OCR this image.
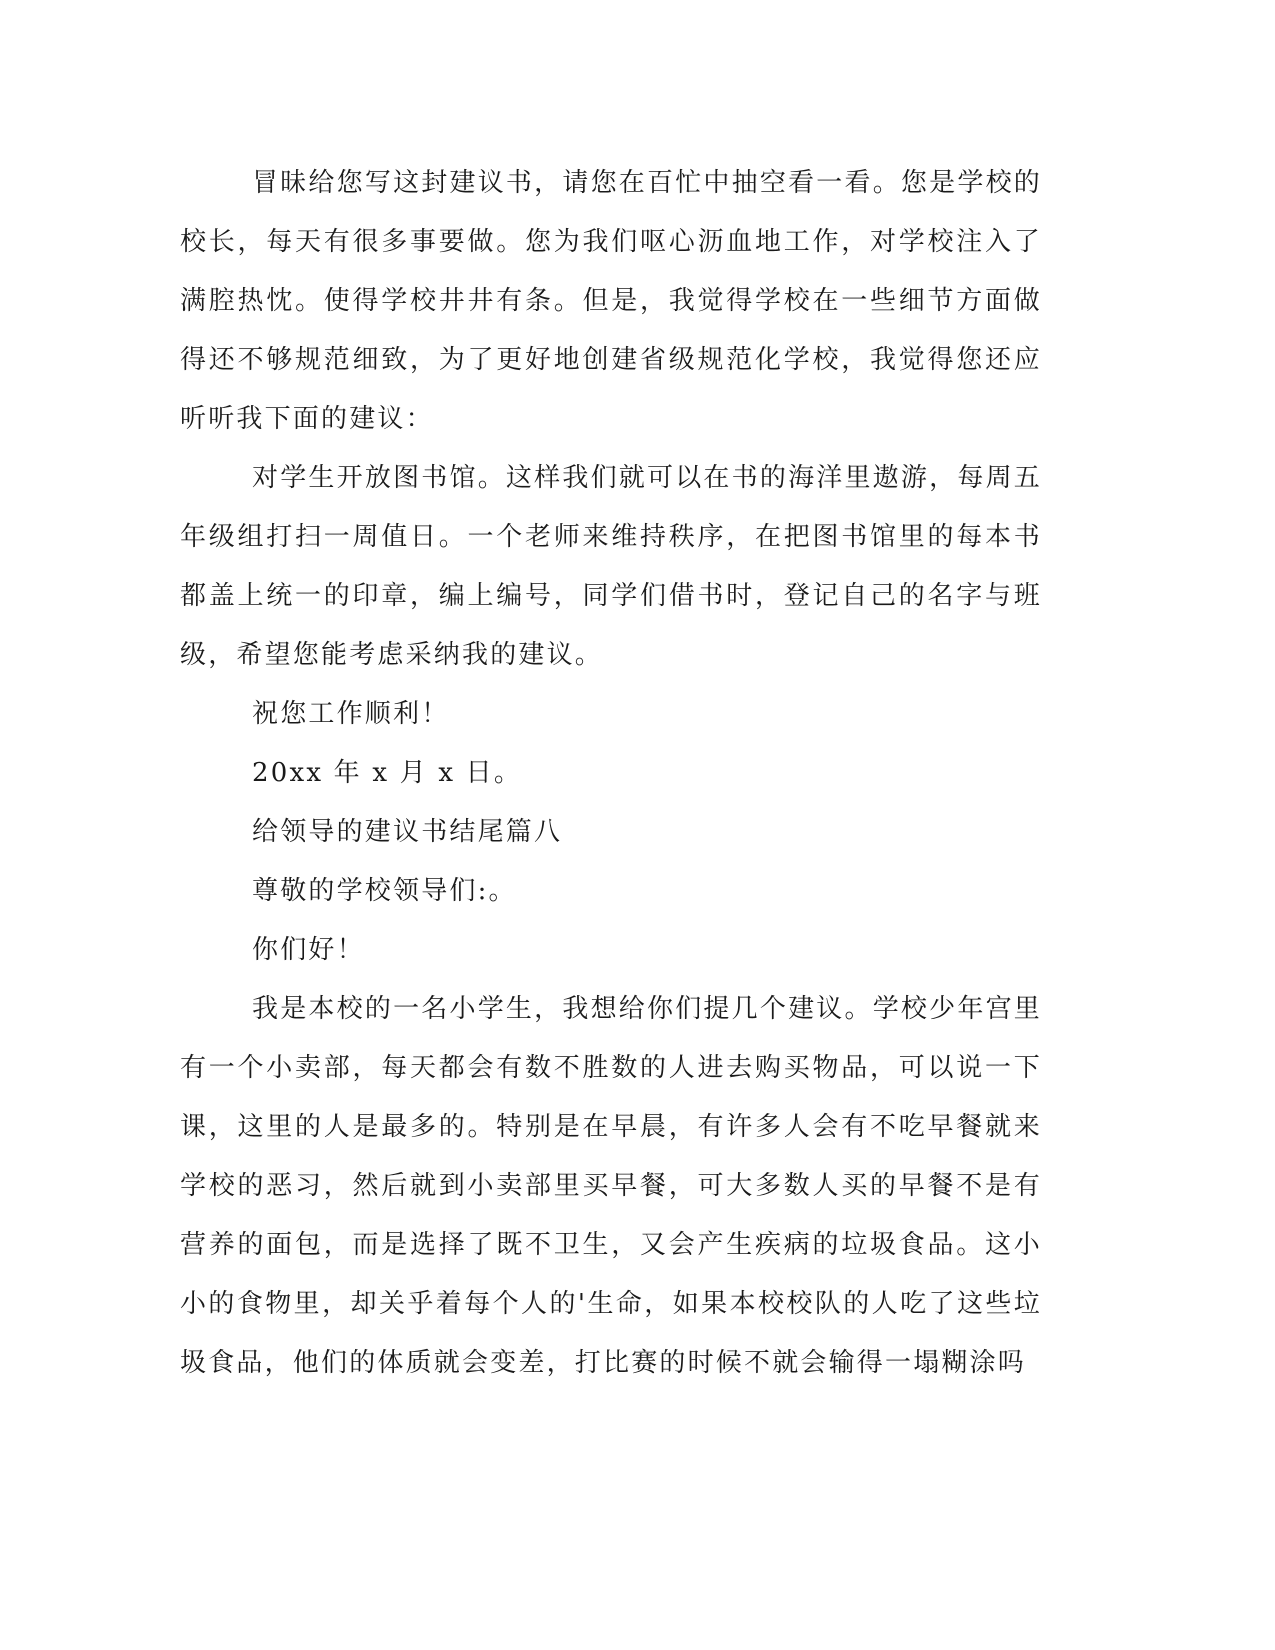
冒昧给您写这封建议书，请您在百忙中抽空看一看。您是学校的校长，每天有很多事要做。您为我们呕心沥血地工作，对学校注入了满腔热忱。使得学校井井有条。但是，我觉得学校在一些细节方面做得还不够规范细致，为了更好地创建省级规范化学校，我觉得您还应听听我下面的建议：

对学生开放图书馆。这样我们就可以在书的海洋里遨游，每周五年级组打扫一周值日。一个老师来维持秩序，在把图书馆里的每本书都盖上统一的印章，编上编号，同学们借书时，登记自己的名字与班级，希望您能考虑采纳我的建议。

祝您工作顺利！

20xx 年 x 月 x 日。

给领导的建议书结尾篇八

尊敬的学校领导们:。

你们好！

我是本校的一名小学生，我想给你们提几个建议。学校少年宫里有一个小卖部，每天都会有数不胜数的人进去购买物品，可以说一下课，这里的人是最多的。特别是在早晨，有许多人会有不吃早餐就来学校的恶习，然后就到小卖部里买早餐，可大多数人买的早餐不是有营养的面包，而是选择了既不卫生，又会产生疾病的垃圾食品。这小小的食物里，却关乎着每个人的'生命，如果本校校队的人吃了这些垃圾食品，他们的体质就会变差，打比赛的时候不就会输得一塌糊涂吗
